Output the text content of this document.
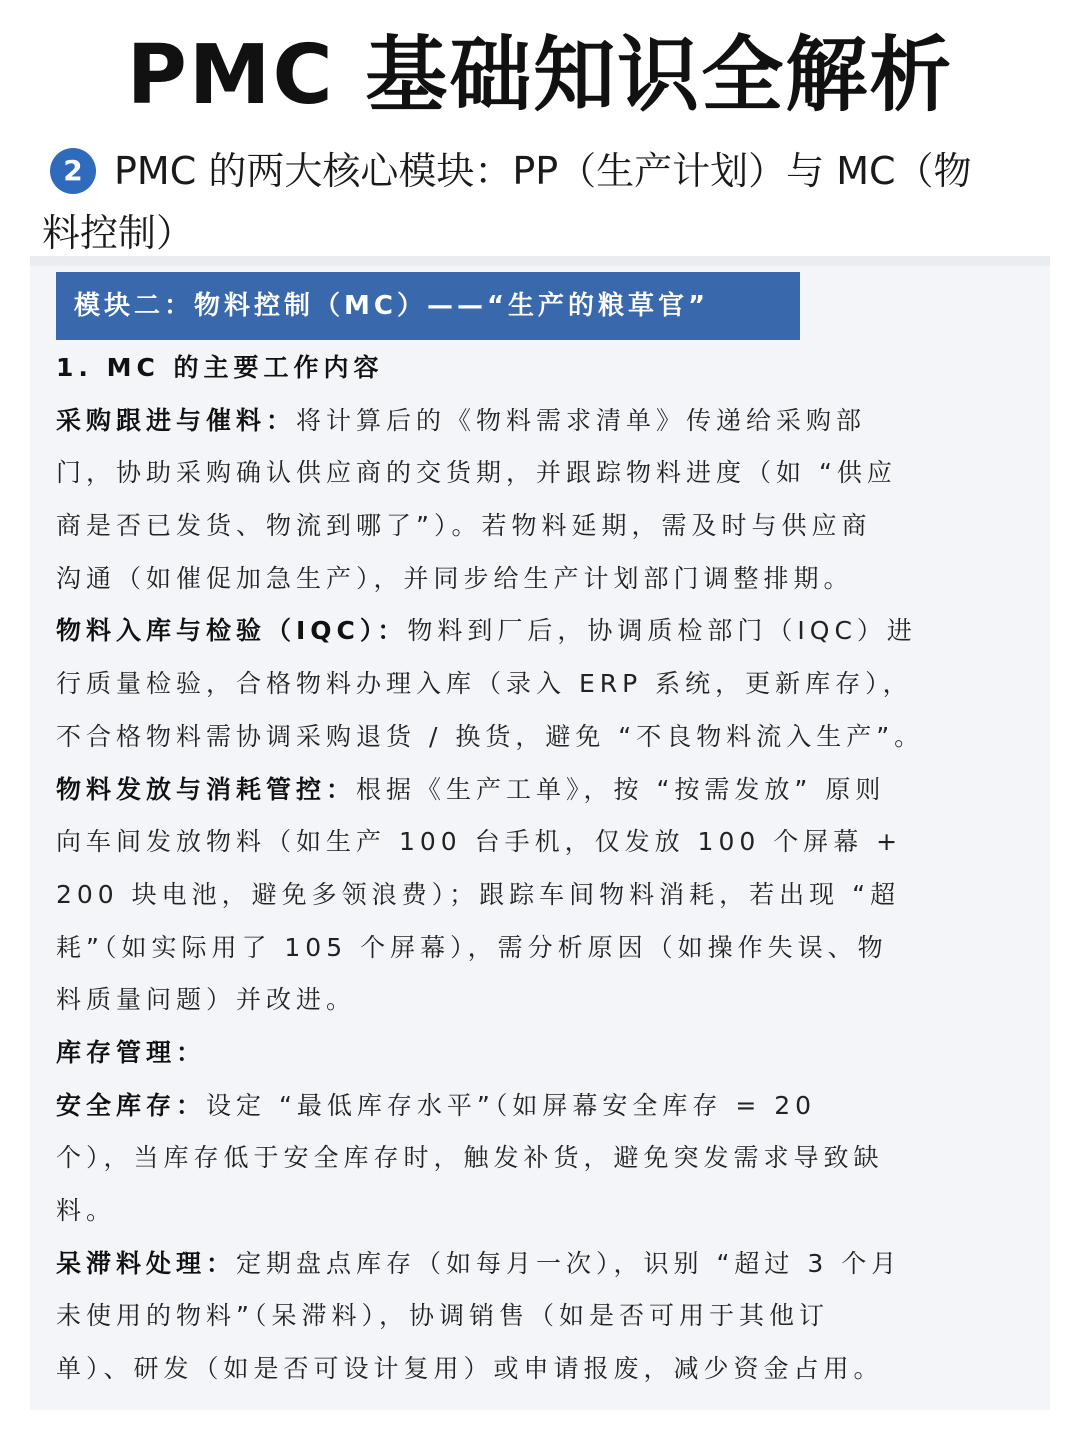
PMC 基础知识全解析
2 PMC 的两大核心模块：PP（生产计划）与 MC（物
料控制）
模块二：物料控制（MC）——“生产的粮草官”
1. MC 的主要工作内容
采购跟进与催料：将计算后的《物料需求清单》传递给采购部
门，协助采购确认供应商的交货期，并跟踪物料进度（如 “供应
商是否已发货、物流到哪了”）。若物料延期，需及时与供应商
沟通（如催促加急生产），并同步给生产计划部门调整排期。
物料入库与检验（IQC）：物料到厂后，协调质检部门（IQC）进
行质量检验，合格物料办理入库（录入 ERP 系统，更新库存），
不合格物料需协调采购退货 / 换货，避免 “不良物料流入生产”。
物料发放与消耗管控：根据《生产工单》，按 “按需发放” 原则
向车间发放物料（如生产 100 台手机，仅发放 100 个屏幕 +
200 块电池，避免多领浪费）；跟踪车间物料消耗，若出现 “超
耗”（如实际用了 105 个屏幕），需分析原因（如操作失误、物
料质量问题）并改进。
库存管理：
安全库存：设定 “最低库存水平”（如屏幕安全库存 = 20
个），当库存低于安全库存时，触发补货，避免突发需求导致缺
料。
呆滞料处理：定期盘点库存（如每月一次），识别 “超过 3 个月
未使用的物料”（呆滞料），协调销售（如是否可用于其他订
单）、研发（如是否可设计复用）或申请报废，减少资金占用。
